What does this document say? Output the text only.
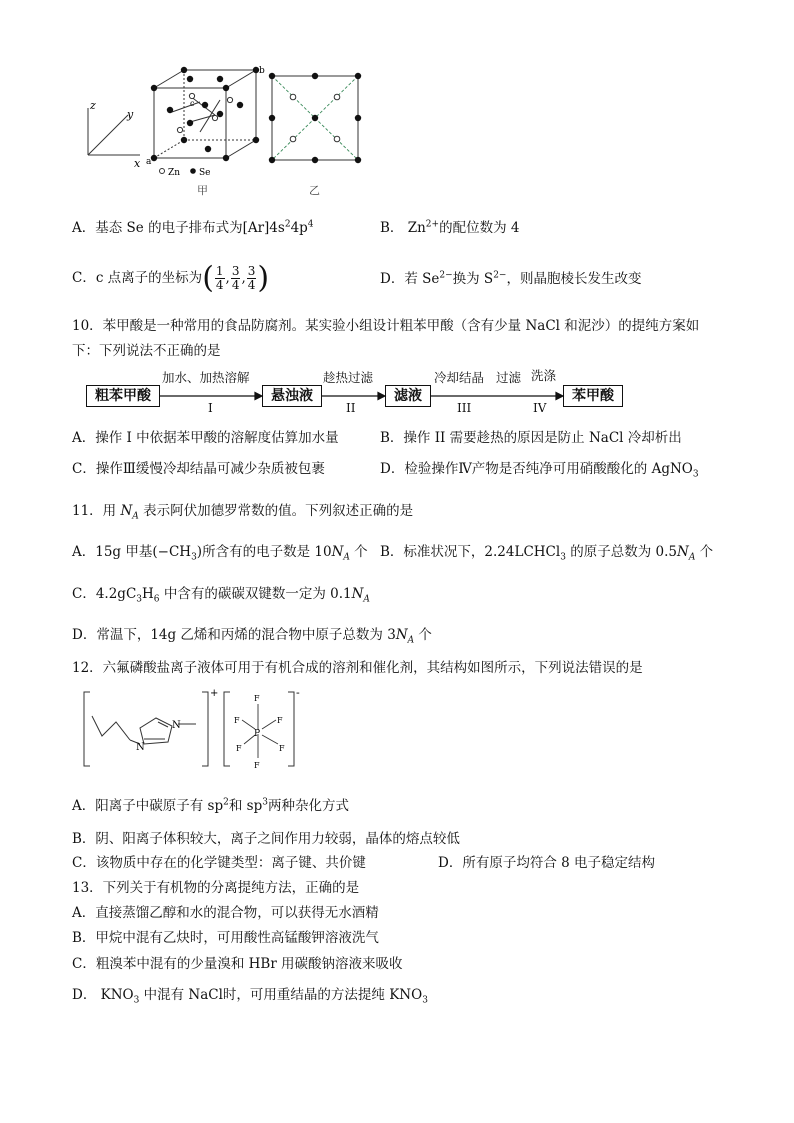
z
y
x a
b
c
Zn Se
甲	乙
A．基态 Se 的电子排布式为$[Ar]4s^24p^4$	B． $Zn^{2+}$的配位数为 4
C．c 点离子的坐标为( $\frac{1}{4}$ , $\frac{3}{4}$ , $\frac{3}{4}$ )	D．若 $Se^{2-}$换为 $S^{2-}$，则晶胞棱长发生改变
10．苯甲酸是一种常用的食品防腐剂。某实验小组设计粗苯甲酸（含有少量 NaCl 和泥沙）的提纯方案如
下：下列说法不正确的是
粗苯甲酸	悬浊液	滤液	苯甲酸
加水、加热溶解	趁热过滤	冷却结晶 过滤 洗涤
I	II	III	IV
A．操作 I 中依据苯甲酸的溶解度估算加水量	B．操作 II 需要趁热的原因是防止 NaCl 冷却析出
C．操作Ⅲ缓慢冷却结晶可减少杂质被包裹	D．检验操作Ⅳ产物是否纯净可用硝酸酸化的 AgNO$_3$
11．用 $N_A$ 表示阿伏加德罗常数的值。下列叙述正确的是
A．15g 甲基$(-CH_3)$所含有的电子数是 $10N_A$ 个 B．标准状况下，2.24LCHCl$_3$ 的原子总数为 $0.5N_A$ 个
C．$4.2gC_3H_6$ 中含有的碳碳双键数一定为 $0.1N_A$
D．常温下，14g 乙烯和丙烯的混合物中原子总数为 $3N_A$ 个
12．六氟磷酸盐离子液体可用于有机合成的溶剂和催化剂，其结构如图所示，下列说法错误的是
+	-
N
N
P
F
F
F	F
F	F
A．阳离子中碳原子有 $sp^2$和 $sp^3$两种杂化方式
B．阴、阳离子体积较大，离子之间作用力较弱，晶体的熔点较低
C．该物质中存在的化学键类型：离子键、共价键	D．所有原子均符合 8 电子稳定结构
13．下列关于有机物的分离提纯方法，正确的是
A．直接蒸馏乙醇和水的混合物，可以获得无水酒精
B．甲烷中混有乙炔时，可用酸性高锰酸钾溶液洗气
C．粗溴苯中混有的少量溴和 HBr 用碳酸钠溶液来吸收
D． $KNO_3$ 中混有 NaCl时，可用重结晶的方法提纯 $KNO_3$
